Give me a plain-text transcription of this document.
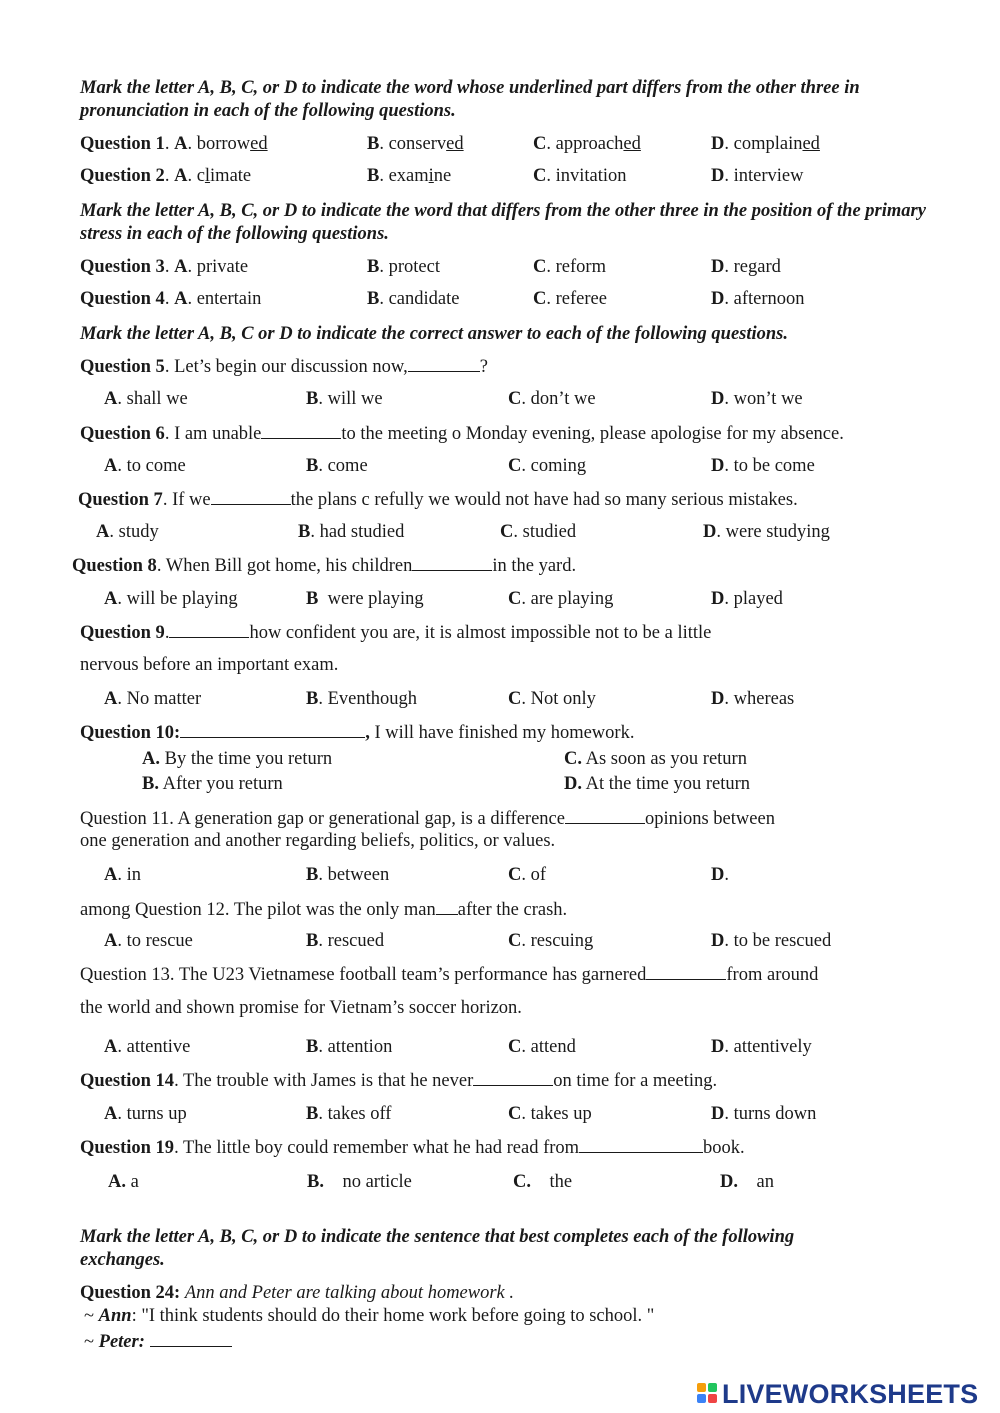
Mark the letter A, B, C, or D to indicate the word whose underlined part differs from the other three in pronunciation in each of the following questions.
Question 1. A. borrowed	B. conserved	C. approached	D. complained
Question 2. A. climate	B. examine	C. invitation	D. interview
Mark the letter A, B, C, or D to indicate the word that differs from the other three in the position of the primary stress in each of the following questions.
Question 3. A. private	B. protect	C. reform	D. regard
Question 4. A. entertain	B. candidate	C. referee	D. afternoon
Mark the letter A, B, C or D to indicate the correct answer to each of the following questions.
Question 5. Let’s begin our discussion now,	?
A. shall we	B. will we	C. don’t we	D. won’t we
Question 6. I am unable	to the meeting o Monday evening, please apologise for my absence.
A. to come	B. come	C. coming	D. to be come
Question 7. If we	the plans c refully we would not have had so many serious mistakes.
A. study	B. had studied	C. studied	D. were studying
Question 8. When Bill got home, his children	in the yard.
A. will be playing	B were playing	C. are playing	D. played
Question 9.	how confident you are, it is almost impossible not to be a little
nervous before an important exam.
A. No matter	B. Eventhough	C. Not only	D. whereas
Question 10:	, I will have finished my homework.
A. By the time you return
B. After you return
C. As soon as you return
D. At the time you return
Question 11. A generation gap or generational gap, is a difference	opinions between
one generation and another regarding beliefs, politics, or values.
A. in	B. between	C. of	D.
among Question 12. The pilot was the only man after the crash.
A. to rescue	B. rescued	C. rescuing	D. to be rescued
Question 13. The U23 Vietnamese football team’s performance has garnered	from around
the world and shown promise for Vietnam’s soccer horizon.
A. attentive	B. attention	C. attend	D. attentively
Question 14. The trouble with James is that he never	on time for a meeting.
A. turns up	B. takes off	C. takes up	D. turns down
Question 19. The little boy could remember what he had read from	book.
A. a	B. no article	C. the	D. an
Mark the letter A, B, C, or D to indicate the sentence that best completes each of the following exchanges.
Question 24: Ann and Peter are talking about homework .
~ Ann: "I think students should do their home work before going to school. "
~ Peter:
LIVEWORKSHEETS
